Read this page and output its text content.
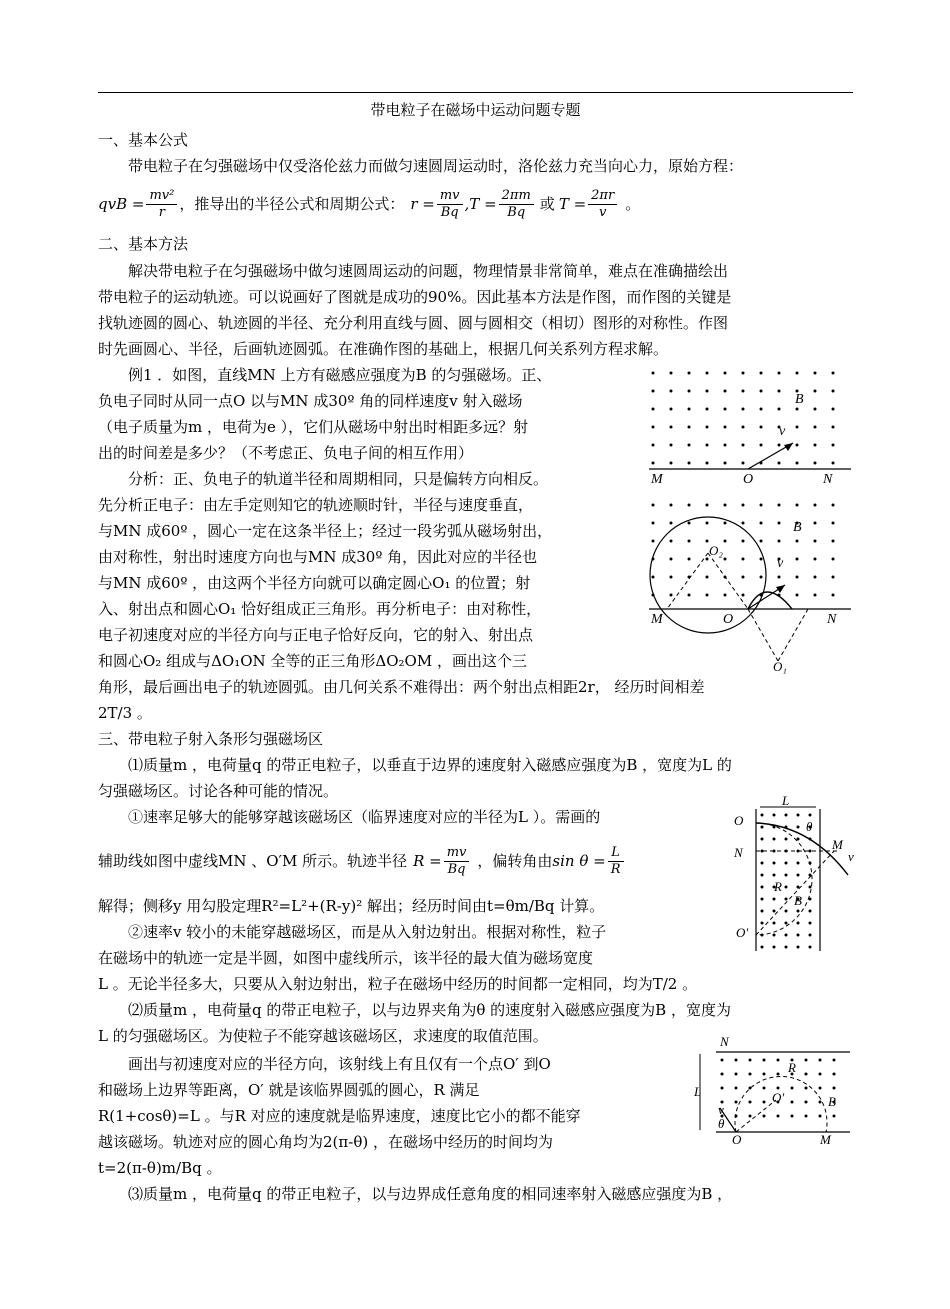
带电粒子在磁场中运动问题专题
一、基本公式
带电粒子在匀强磁场中仅受洛伦兹力而做匀速圆周运动时，洛伦兹力充当向心力，原始方程：
qvB = $\frac{\text{mv²}}{r}$ ，推导出的半径公式和周期公式： $r = \frac{mv}{Bq} ,T = \frac{2\pi m}{Bq}$ 或 $T = \frac{2\pi r}{v}$ 。
二、基本方法
解决带电粒子在匀强磁场中做匀速圆周运动的问题，物理情景非常简单，难点在准确描绘出
带电粒子的运动轨迹。可以说画好了图就是成功的90%。因此基本方法是作图，而作图的关键是
找轨迹圆的圆心、轨迹圆的半径、充分利用直线与圆、圆与圆相交（相切）图形的对称性。作图
时先画圆心、半径，后画轨迹圆弧。在准确作图的基础上，根据几何关系列方程求解。
例1 ．如图，直线MN 上方有磁感应强度为B 的匀强磁场。正、
负电子同时从同一点O 以与MN 成30º 角的同样速度v 射入磁场
（电子质量为m ，电荷为e ），它们从磁场中射出时相距多远？射
出的时间差是多少？（不考虑正、负电子间的相互作用）
分析：正、负电子的轨道半径和周期相同，只是偏转方向相反。
先分析正电子：由左手定则知它的轨迹顺时针，半径与速度垂直，
与MN 成60º ，圆心一定在这条半径上；经过一段劣弧从磁场射出，
由对称性，射出时速度方向也与MN 成30º 角，因此对应的半径也
与MN 成60º ，由这两个半径方向就可以确定圆心O₁ 的位置；射
入、射出点和圆心O₁ 恰好组成正三角形。再分析电子：由对称性，
电子初速度对应的半径方向与正电子恰好反向，它的射入、射出点
和圆心O₂ 组成与ΔO₁ON 全等的正三角形ΔO₂OM ，画出这个三
角形，最后画出电子的轨迹圆弧。由几何关系不难得出：两个射出点相距2r， 经历时间相差
2T/3 。
三、带电粒子射入条形匀强磁场区
⑴质量m ，电荷量q 的带正电粒子，以垂直于边界的速度射入磁感应强度为B ，宽度为L 的
匀强磁场区。讨论各种可能的情况。
①速率足够大的能够穿越该磁场区（临界速度对应的半径为L ）。需画的
辅助线如图中虚线MN 、O′M 所示。轨迹半径 $R = \frac{mv}{Bq}$ ，偏转角由 $\sin \theta = \frac{L}{R}$
解得；侧移y 用勾股定理R²=L²+(R-y)² 解出；经历时间由t=θm/Bq 计算。
②速率v 较小的未能穿越磁场区，而是从入射边射出。根据对称性，粒子
在磁场中的轨迹一定是半圆，如图中虚线所示，该半径的最大值为磁场宽度
L 。无论半径多大，只要从入射边射出，粒子在磁场中经历的时间都一定相同，均为T/2 。
⑵质量m ，电荷量q 的带正电粒子，以与边界夹角为θ 的速度射入磁感应强度为B ，宽度为
L 的匀强磁场区。为使粒子不能穿越该磁场区，求速度的取值范围。
画出与初速度对应的半径方向，该射线上有且仅有一个点O′ 到O
和磁场上边界等距离，O′ 就是该临界圆弧的圆心，R 满足
R(1+cosθ)=L 。与R 对应的速度就是临界速度，速度比它小的都不能穿
越该磁场。轨迹对应的圆心角均为2(π-θ) ，在磁场中经历的时间均为
t=2(π-θ)m/Bq 。
⑶质量m ，电荷量q 的带正电粒子，以与边界成任意角度的相同速率射入磁感应强度为B ，
B
v
M	O	N
B
v
O₂
M	O	N
O₁
L
O
N
M
v
θ
R
B
O′
N
L
R
B
O′
v
θ
O	M
